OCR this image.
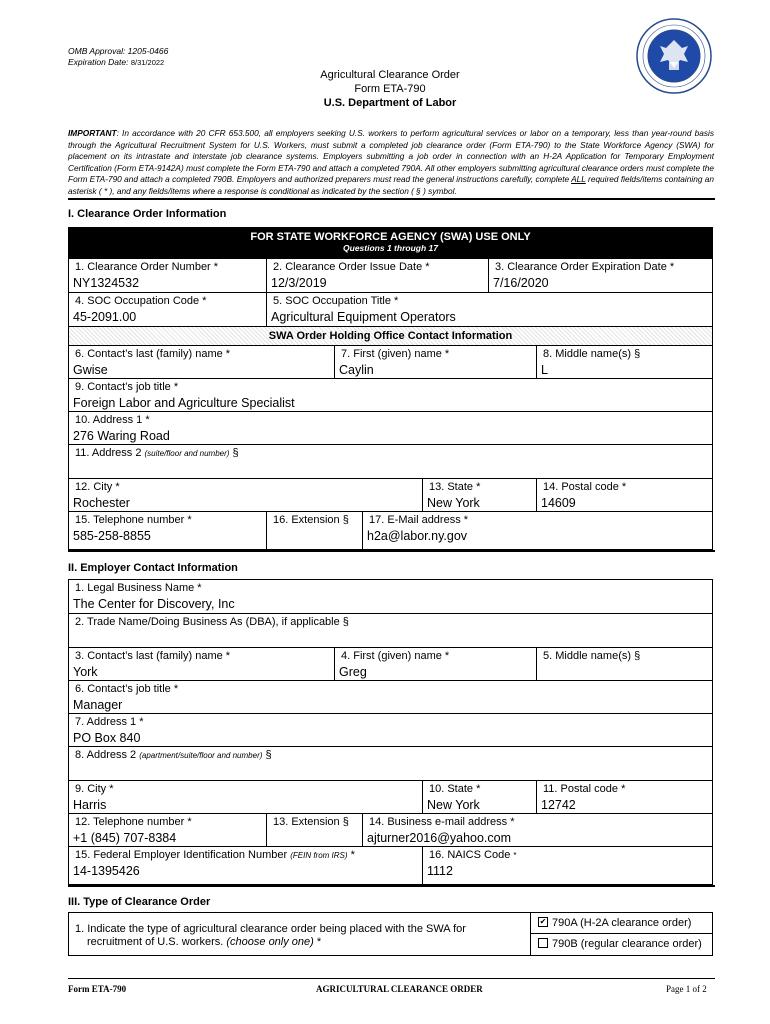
OMB Approval: 1205-0466
Expiration Date: 8/31/2022
Agricultural Clearance Order
Form ETA-790
U.S. Department of Labor
IMPORTANT: In accordance with 20 CFR 653.500, all employers seeking U.S. workers to perform agricultural services or labor on a temporary, less than year-round basis through the Agricultural Recruitment System for U.S. Workers, must submit a completed job clearance order (Form ETA-790) to the State Workforce Agency (SWA) for placement on its intrastate and interstate job clearance systems. Employers submitting a job order in connection with an H-2A Application for Temporary Employment Certification (Form ETA-9142A) must complete the Form ETA-790 and attach a completed 790A. All other employers submitting agricultural clearance orders must complete the Form ETA-790 and attach a completed 790B. Employers and authorized preparers must read the general instructions carefully, complete ALL required fields/items containing an asterisk ( * ), and any fields/items where a response is conditional as indicated by the section ( § ) symbol.
I. Clearance Order Information
FOR STATE WORKFORCE AGENCY (SWA) USE ONLY
Questions 1 through 17
1. Clearance Order Number *
NY1324532
2. Clearance Order Issue Date *
12/3/2019
3. Clearance Order Expiration Date *
7/16/2020
4. SOC Occupation Code *
45-2091.00
5. SOC Occupation Title *
Agricultural Equipment Operators
SWA Order Holding Office Contact Information
6. Contact’s last (family) name *
Gwise
7. First (given) name *
Caylin
8. Middle name(s) §
L
9. Contact’s job title *
Foreign Labor and Agriculture Specialist
10. Address 1 *
276 Waring Road
11. Address 2 (suite/floor and number) §
12. City *
Rochester
13. State *
New York
14. Postal code *
14609
15. Telephone number *
585-258-8855
16. Extension § 17. E-Mail address *
h2a@labor.ny.gov
II. Employer Contact Information
1. Legal Business Name *
The Center for Discovery, Inc
2. Trade Name/Doing Business As (DBA), if applicable §
3. Contact’s last (family) name *
York
4. First (given) name *
Greg
5. Middle name(s) §
6. Contact’s job title *
Manager
7. Address 1 *
PO Box 840
8. Address 2 (apartment/suite/floor and number) §
9. City *
Harris
10. State *
New York
11. Postal code *
12742
12. Telephone number *
+1 (845) 707-8384
13. Extension § 14. Business e-mail address *
ajturner2016@yahoo.com
15. Federal Employer Identification Number (FEIN from IRS) *
14-1395426
16. NAICS Code *
1112
III. Type of Clearance Order
1. Indicate the type of agricultural clearance order being placed with the SWA for
recruitment of U.S. workers. (choose only one) *
✔ 790A (H-2A clearance order)
790B (regular clearance order)
Form ETA-790	AGRICULTURAL CLEARANCE ORDER	Page 1 of 2
